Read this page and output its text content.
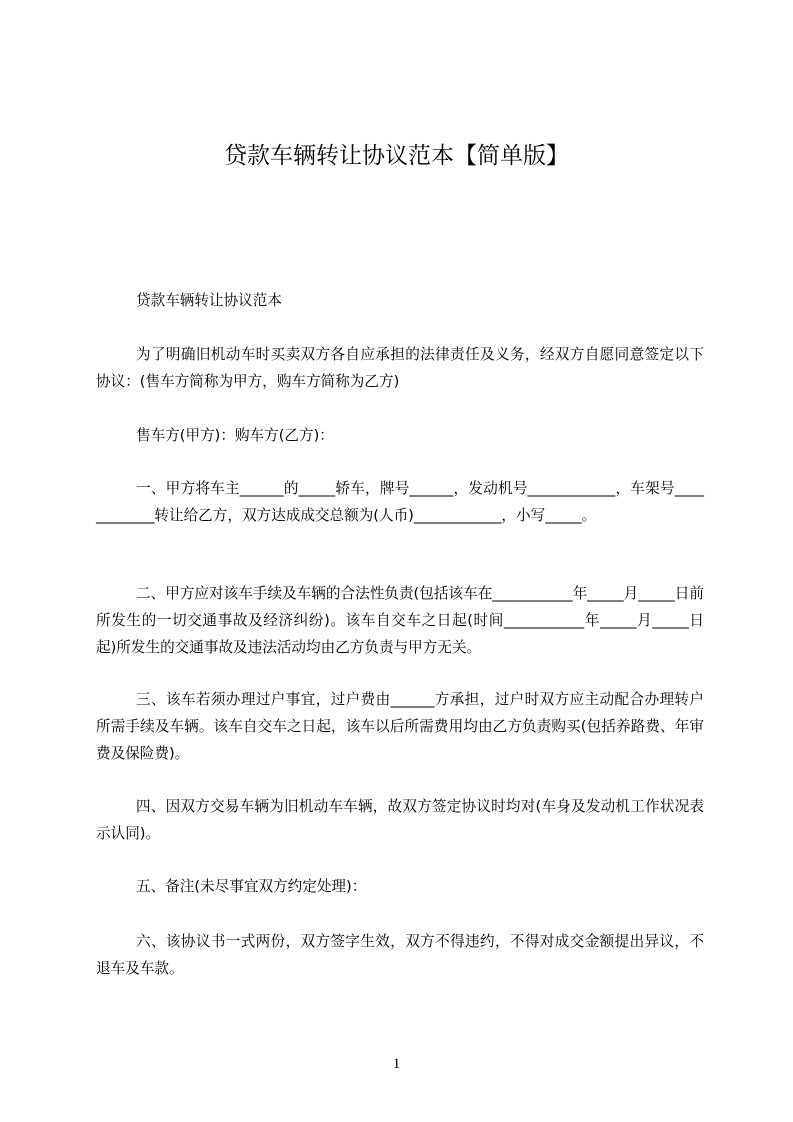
贷款车辆转让协议范本【简单版】

贷款车辆转让协议范本

为了明确旧机动车时买卖双方各自应承担的法律责任及义务，经双方自愿同意签定以下协议：(售车方简称为甲方，购车方简称为乙方)

售车方(甲方)：购车方(乙方)：

一、甲方将车主______的_____轿车，牌号______，发动机号____________，车架号____________转让给乙方，双方达成成交总额为(人币)____________，小写_____。

二、甲方应对该车手续及车辆的合法性负责(包括该车在___________年_____月_____日前所发生的一切交通事故及经济纠纷)。该车自交车之日起(时间___________年_____月_____日起)所发生的交通事故及违法活动均由乙方负责与甲方无关。

三、该车若须办理过户事宜，过户费由______方承担，过户时双方应主动配合办理转户所需手续及车辆。该车自交车之日起，该车以后所需费用均由乙方负责购买(包括养路费、年审费及保险费)。

四、因双方交易车辆为旧机动车车辆，故双方签定协议时均对(车身及发动机工作状况表示认同)。

五、备注(未尽事宜双方约定处理)：

六、该协议书一式两份，双方签字生效，双方不得违约，不得对成交金额提出异议，不退车及车款。

1
